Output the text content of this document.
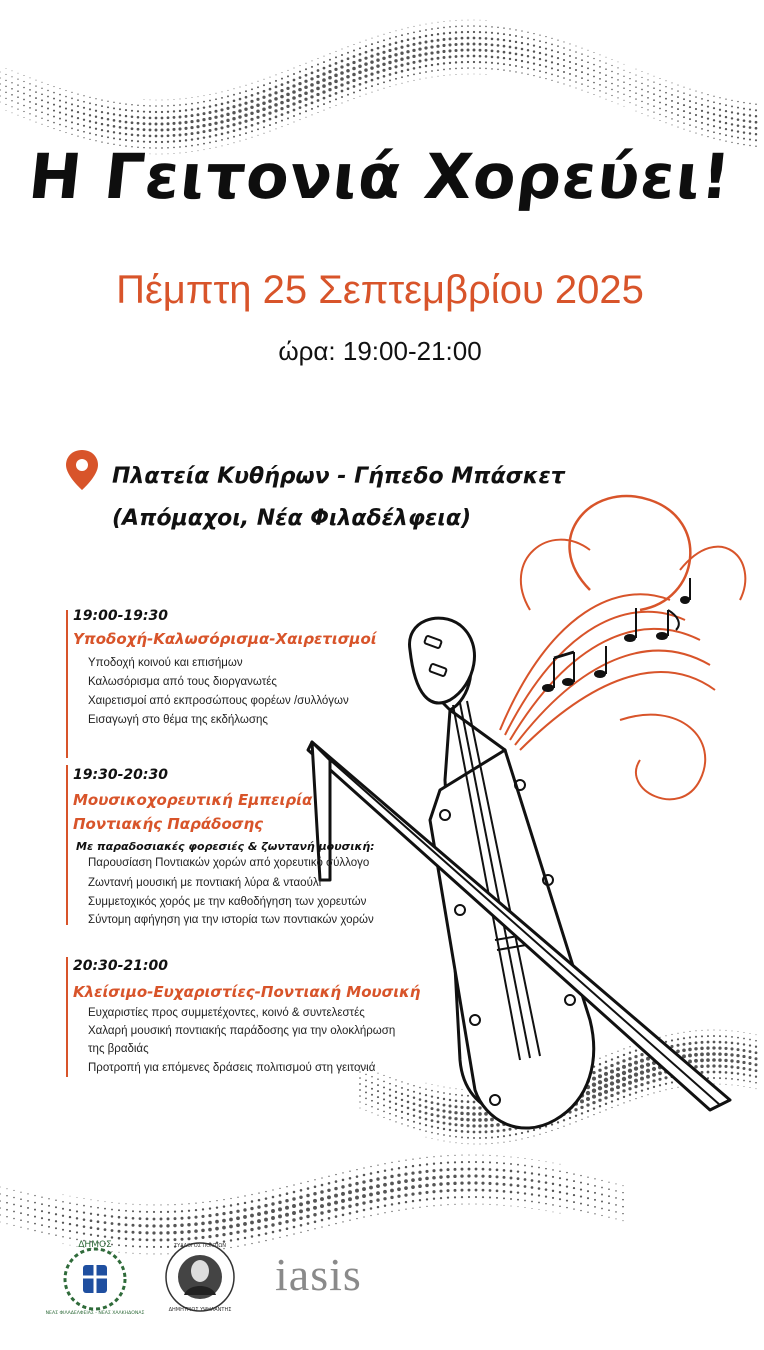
Η Γειτονιά Χορεύει!
Πέμπτη 25 Σεπτεμβρίου 2025
ώρα: 19:00-21:00
Πλατεία Κυθήρων - Γήπεδο Μπάσκετ
(Απόμαχοι, Νέα Φιλαδέλφεια)
19:00-19:30
Υποδοχή-Καλωσόρισμα-Χαιρετισμοί
Υποδοχή κοινού και επισήμων
Καλωσόρισμα από τους διοργανωτές
Χαιρετισμοί από εκπροσώπους φορέων /συλλόγων
Εισαγωγή στο θέμα της εκδήλωσης
19:30-20:30
Μουσικοχορευτική Εμπειρία
Ποντιακής Παράδοσης
Με παραδοσιακές φορεσιές & ζωντανή μουσική:
Παρουσίαση Ποντιακών χορών από χορευτικό σύλλογο
Ζωντανή μουσική με ποντιακή λύρα & νταούλι
Συμμετοχικός χορός με την καθοδήγηση των χορευτών
Σύντομη αφήγηση για την ιστορία των ποντιακών χορών
20:30-21:00
Κλείσιμο-Ευχαριστίες-Ποντιακή Μουσική
Ευχαριστίες προς συμμετέχοντες, κοινό & συντελεστές
Χαλαρή μουσική ποντιακής παράδοσης για την ολοκλήρωση
της βραδιάς
Προτροπή για επόμενες δράσεις πολιτισμού στη γειτονιά
ΔΗΜΟΣ
ΝΕΑΣ ΦΙΛΑΔΕΛΦΕΙΑΣ - ΝΕΑΣ ΧΑΛΚΗΔΟΝΑΣ
ΣΥΛΛΟΓΟΣ ΠΟΝΤΙΩΝ
ΔΗΜΗΤΡΙΟΣ ΥΨΗΛΑΝΤΗΣ
iasis
